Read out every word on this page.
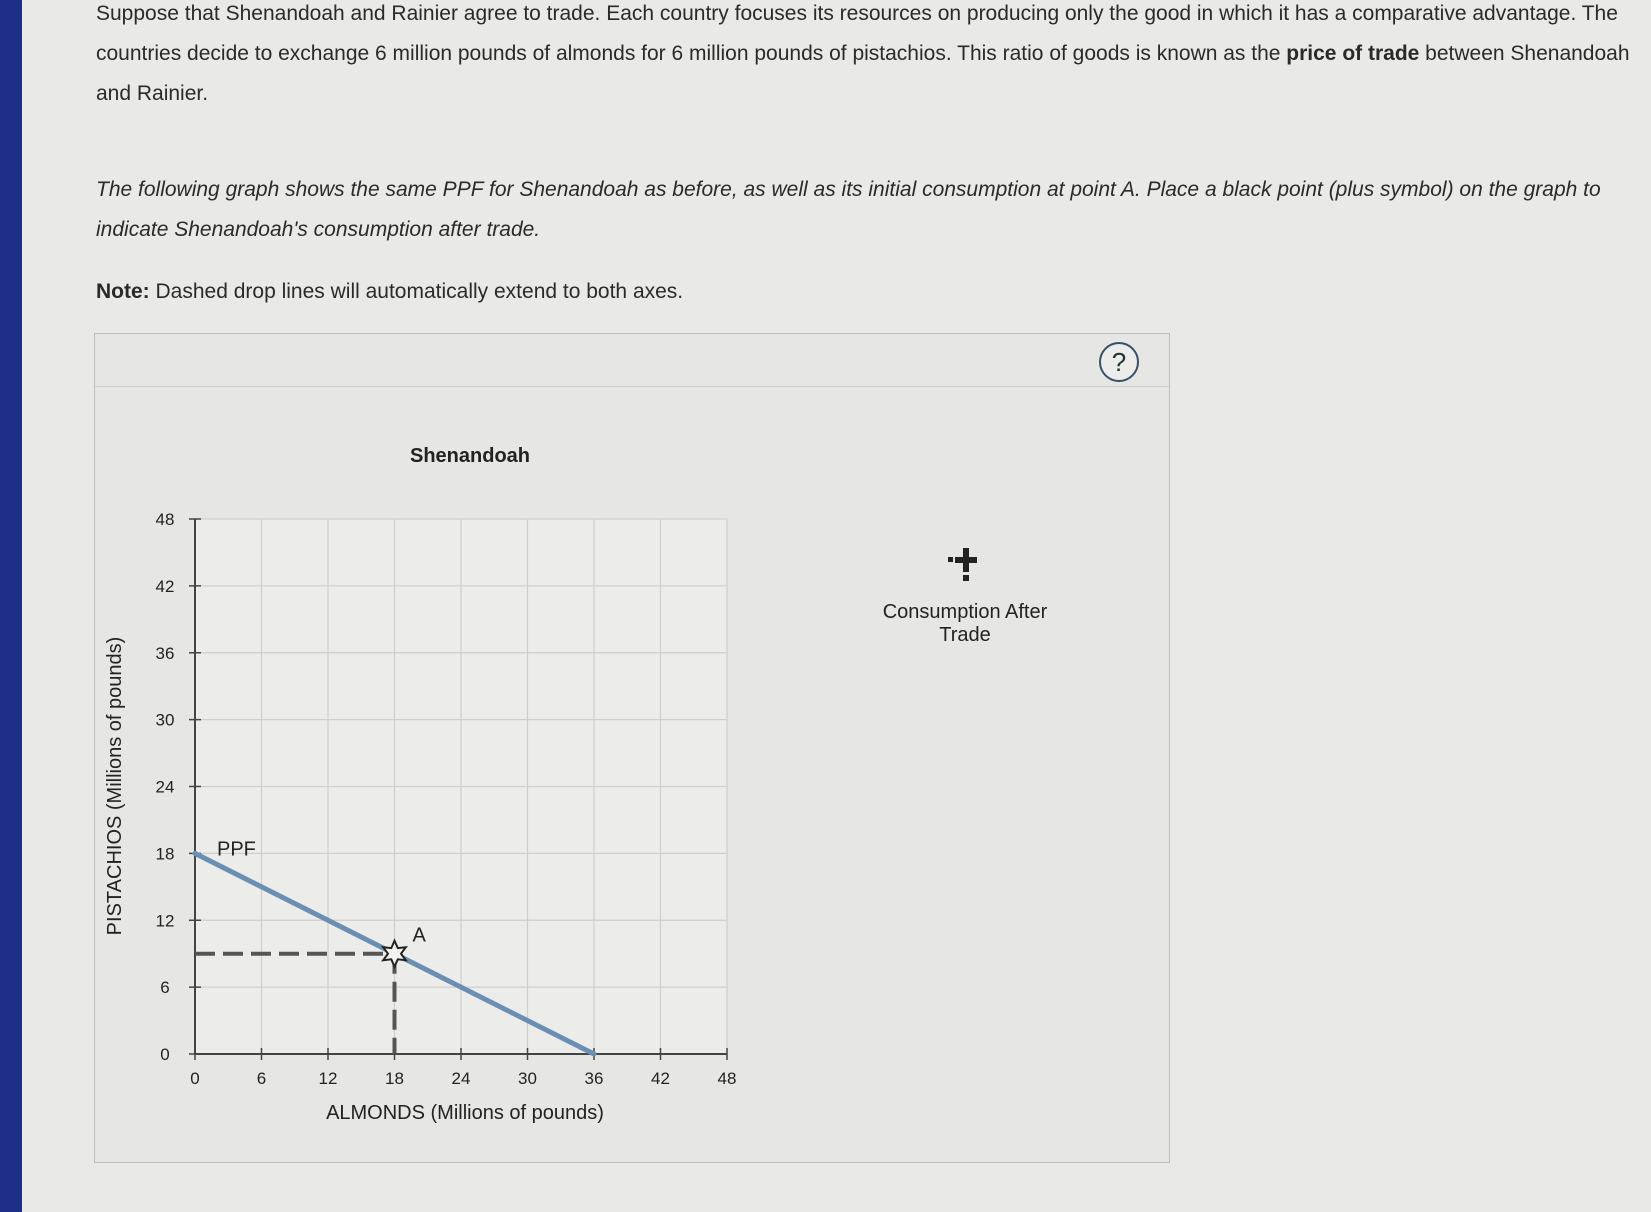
Suppose that Shenandoah and Rainier agree to trade. Each country focuses its resources on producing only the good in which it has a comparative advantage. The countries decide to exchange 6 million pounds of almonds for 6 million pounds of pistachios. This ratio of goods is known as the price of trade between Shenandoah and Rainier.

The following graph shows the same PPF for Shenandoah as before, as well as its initial consumption at point A. Place a black point (plus symbol) on the graph to indicate Shenandoah's consumption after trade.

Note: Dashed drop lines will automatically extend to both axes.

?
Shenandoah
0	6	12	18	24	30	36	42	48
0
6
12
18
24
30
36
42
48
PPF
A
ALMONDS (Millions of pounds)
PISTACHIOS (Millions of pounds)
Consumption After Trade
